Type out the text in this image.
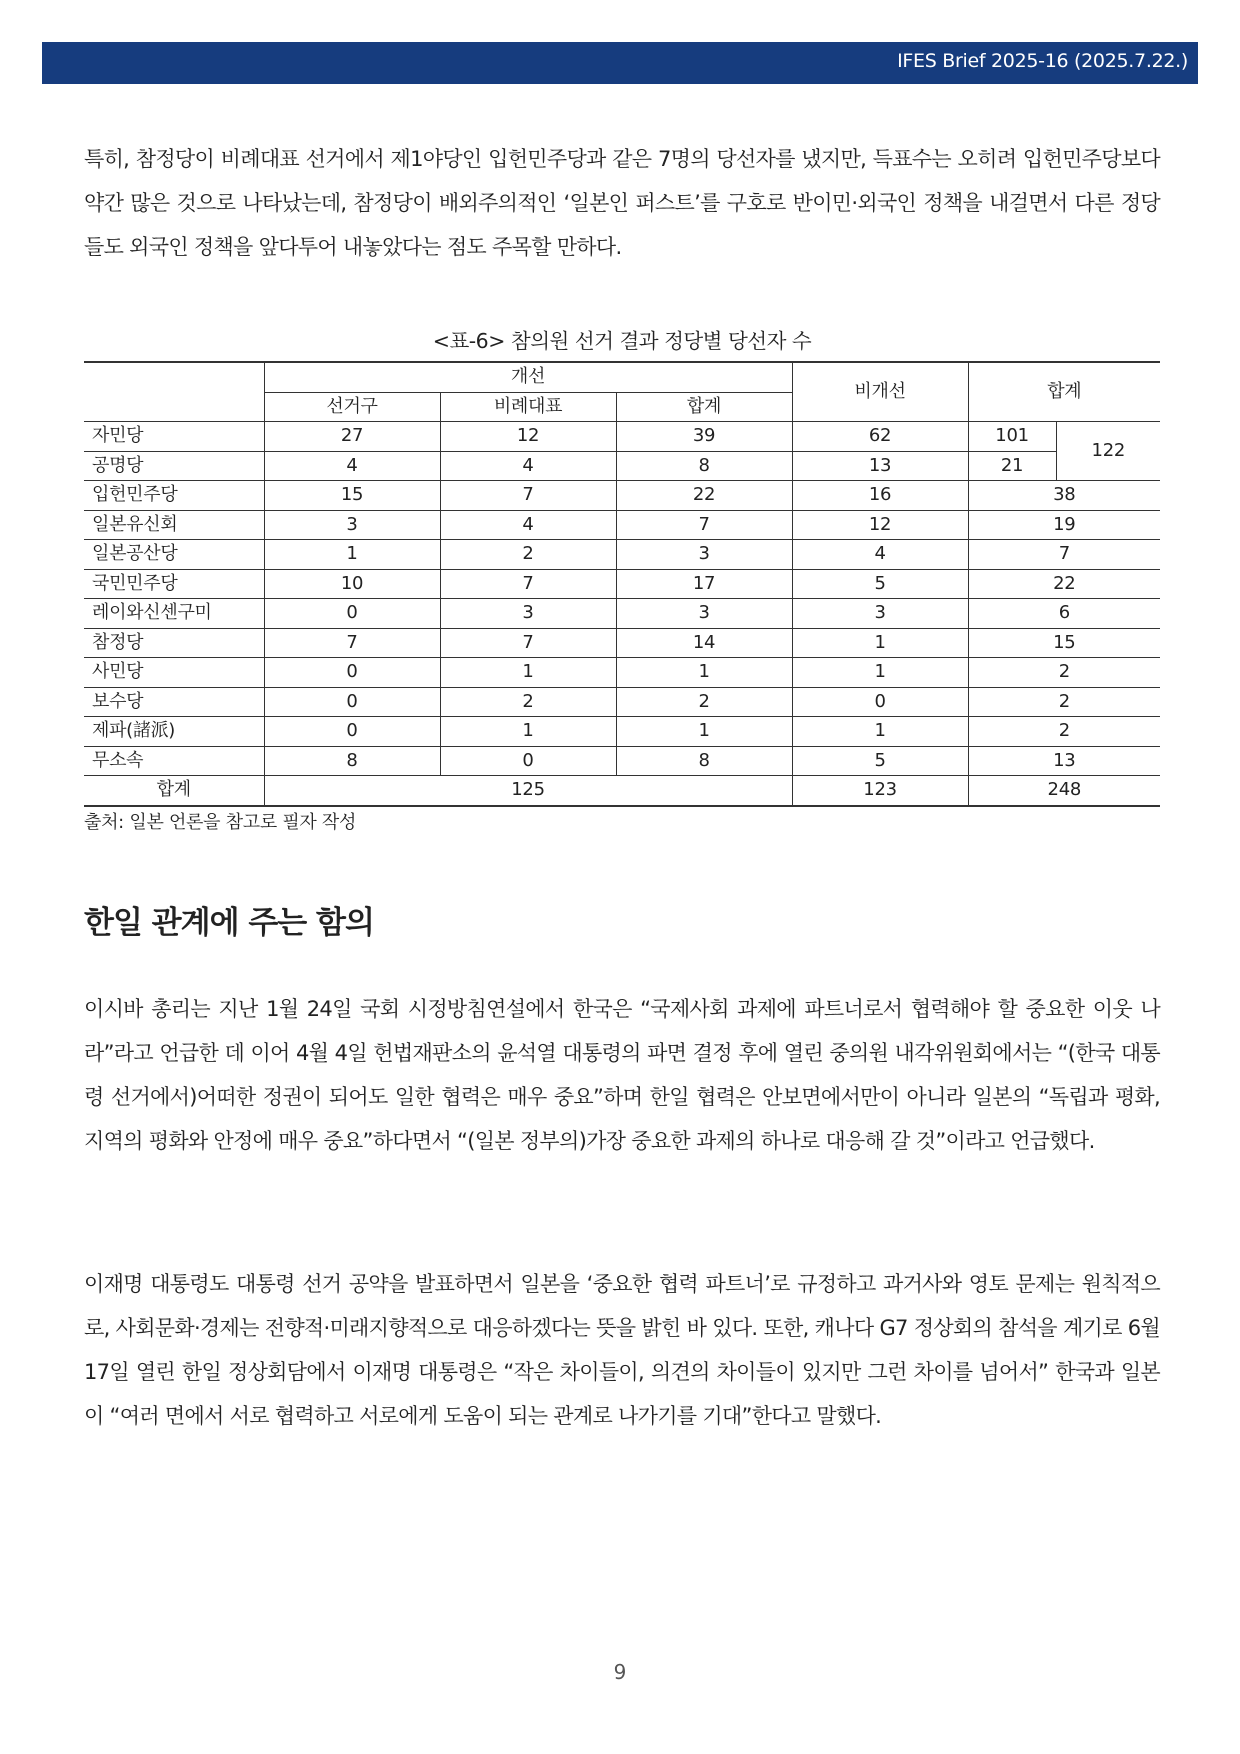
IFES Brief 2025-16 (2025.7.22.)

특히, 참정당이 비례대표 선거에서 제1야당인 입헌민주당과 같은 7명의 당선자를 냈지만, 득표수는 오히려 입헌민주당보다 약간 많은 것으로 나타났는데, 참정당이 배외주의적인 ‘일본인 퍼스트’를 구호로 반이민·외국인 정책을 내걸면서 다른 정당들도 외국인 정책을 앞다투어 내놓았다는 점도 주목할 만하다.

<표-6> 참의원 선거 결과 정당별 당선자 수
	개선			비개선	합계	
	선거구	비례대표	합계			
자민당	27	12	39	62	101	122
공명당	4	4	8	13	21	
입헌민주당	15	7	22	16	38	
일본유신회	3	4	7	12	19	
일본공산당	1	2	3	4	7	
국민민주당	10	7	17	5	22	
레이와신센구미	0	3	3	3	6	
참정당	7	7	14	1	15	
사민당	0	1	1	1	2	
보수당	0	2	2	0	2	
제파(諸派)	0	1	1	1	2	
무소속	8	0	8	5	13	
합계	125			123	248	
출처: 일본 언론을 참고로 필자 작성
한일 관계에 주는 함의

이시바 총리는 지난 1월 24일 국회 시정방침연설에서 한국은 “국제사회 과제에 파트너로서 협력해야 할 중요한 이웃 나라”라고 언급한 데 이어 4월 4일 헌법재판소의 윤석열 대통령의 파면 결정 후에 열린 중의원 내각위원회에서는 “(한국 대통령 선거에서)어떠한 정권이 되어도 일한 협력은 매우 중요”하며 한일 협력은 안보면에서만이 아니라 일본의 “독립과 평화, 지역의 평화와 안정에 매우 중요”하다면서 “(일본 정부의)가장 중요한 과제의 하나로 대응해 갈 것”이라고 언급했다.

이재명 대통령도 대통령 선거 공약을 발표하면서 일본을 ‘중요한 협력 파트너’로 규정하고 과거사와 영토 문제는 원칙적으로, 사회문화·경제는 전향적·미래지향적으로 대응하겠다는 뜻을 밝힌 바 있다. 또한, 캐나다 G7 정상회의 참석을 계기로 6월 17일 열린 한일 정상회담에서 이재명 대통령은 “작은 차이들이, 의견의 차이들이 있지만 그런 차이를 넘어서” 한국과 일본이 “여러 면에서 서로 협력하고 서로에게 도움이 되는 관계로 나가기를 기대”한다고 말했다.

9
